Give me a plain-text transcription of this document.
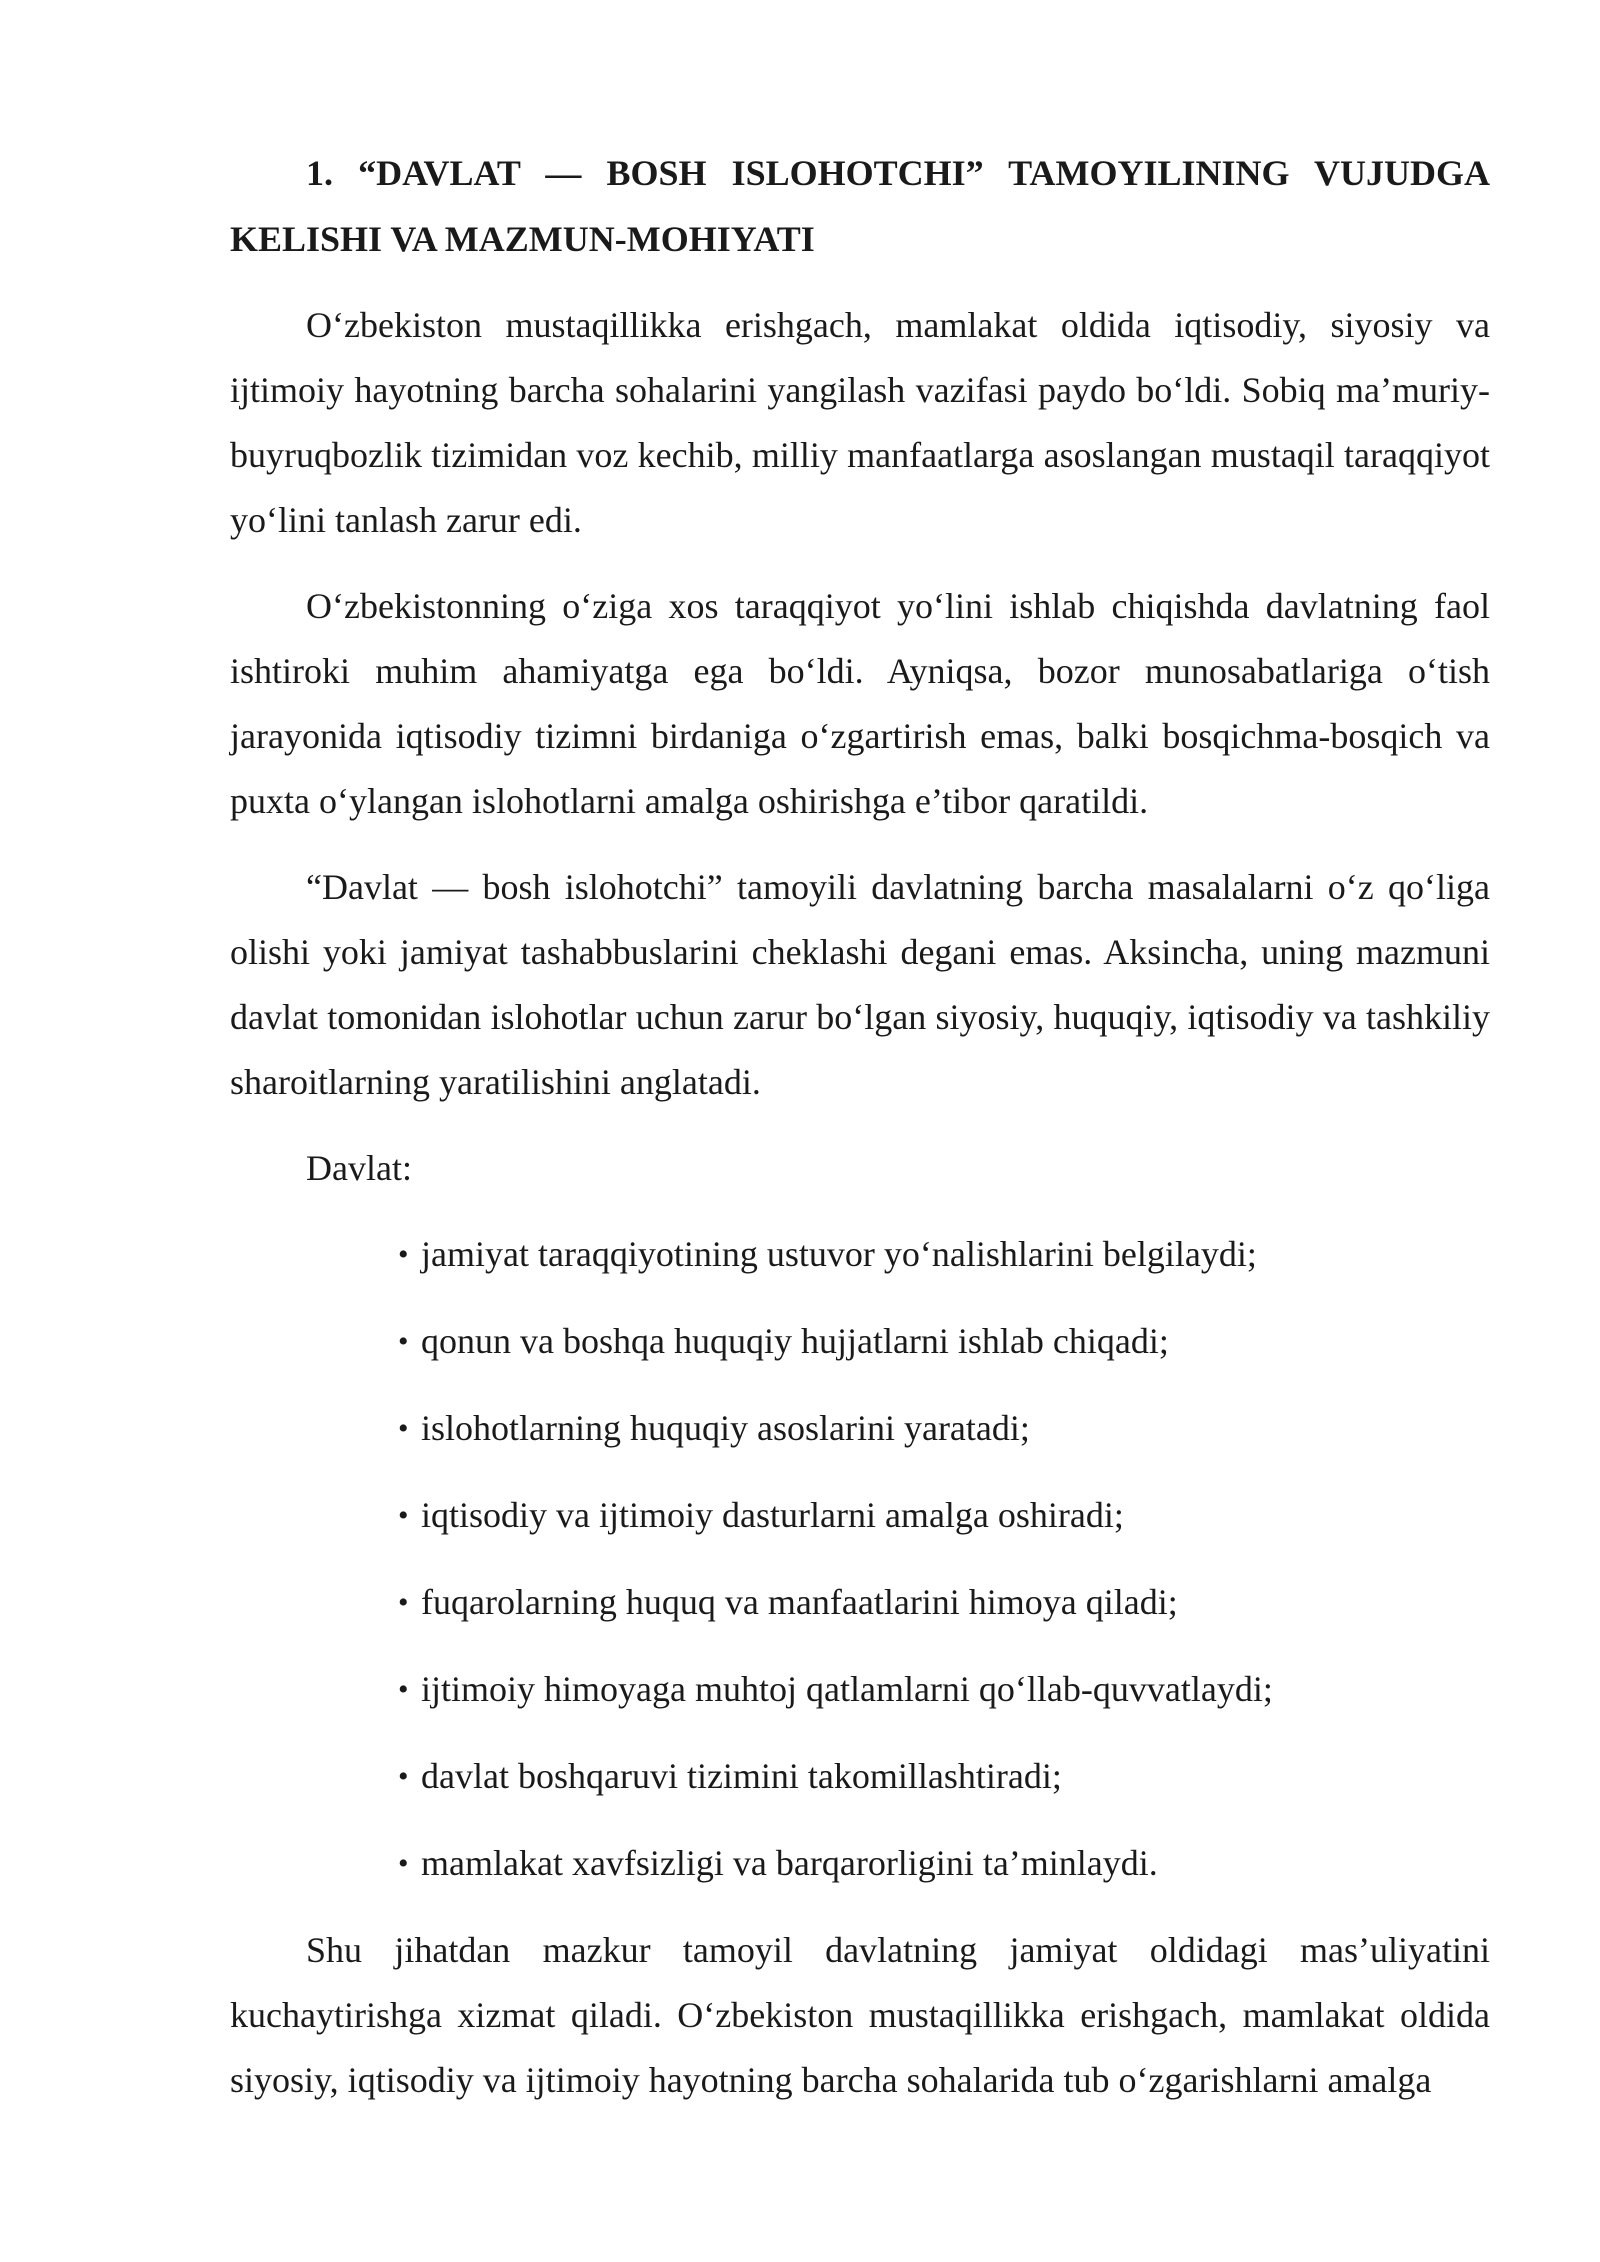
1. “DAVLAT — BOSH ISLOHOTCHI” TAMOYILINING VUJUDGA KELISHI VA MAZMUN-MOHIYATI

O‘zbekiston mustaqillikka erishgach, mamlakat oldida iqtisodiy, siyosiy va ijtimoiy hayotning barcha sohalarini yangilash vazifasi paydo bo‘ldi. Sobiq ma’muriy-buyruqbozlik tizimidan voz kechib, milliy manfaatlarga asoslangan mustaqil taraqqiyot yo‘lini tanlash zarur edi.

O‘zbekistonning o‘ziga xos taraqqiyot yo‘lini ishlab chiqishda davlatning faol ishtiroki muhim ahamiyatga ega bo‘ldi. Ayniqsa, bozor munosabatlariga o‘tish jarayonida iqtisodiy tizimni birdaniga o‘zgartirish emas, balki bosqichma-bosqich va puxta o‘ylangan islohotlarni amalga oshirishga e’tibor qaratildi.

“Davlat — bosh islohotchi” tamoyili davlatning barcha masalalarni o‘z qo‘liga olishi yoki jamiyat tashabbuslarini cheklashi degani emas. Aksincha, uning mazmuni davlat tomonidan islohotlar uchun zarur bo‘lgan siyosiy, huquqiy, iqtisodiy va tashkiliy sharoitlarning yaratilishini anglatadi.

Davlat:

• jamiyat taraqqiyotining ustuvor yo‘nalishlarini belgilaydi;
• qonun va boshqa huquqiy hujjatlarni ishlab chiqadi;
• islohotlarning huquqiy asoslarini yaratadi;
• iqtisodiy va ijtimoiy dasturlarni amalga oshiradi;
• fuqarolarning huquq va manfaatlarini himoya qiladi;
• ijtimoiy himoyaga muhtoj qatlamlarni qo‘llab-quvvatlaydi;
• davlat boshqaruvi tizimini takomillashtiradi;
• mamlakat xavfsizligi va barqarorligini ta’minlaydi.

Shu jihatdan mazkur tamoyil davlatning jamiyat oldidagi mas’uliyatini kuchaytirishga xizmat qiladi. O‘zbekiston mustaqillikka erishgach, mamlakat oldida siyosiy, iqtisodiy va ijtimoiy hayotning barcha sohalarida tub o‘zgarishlarni amalga
